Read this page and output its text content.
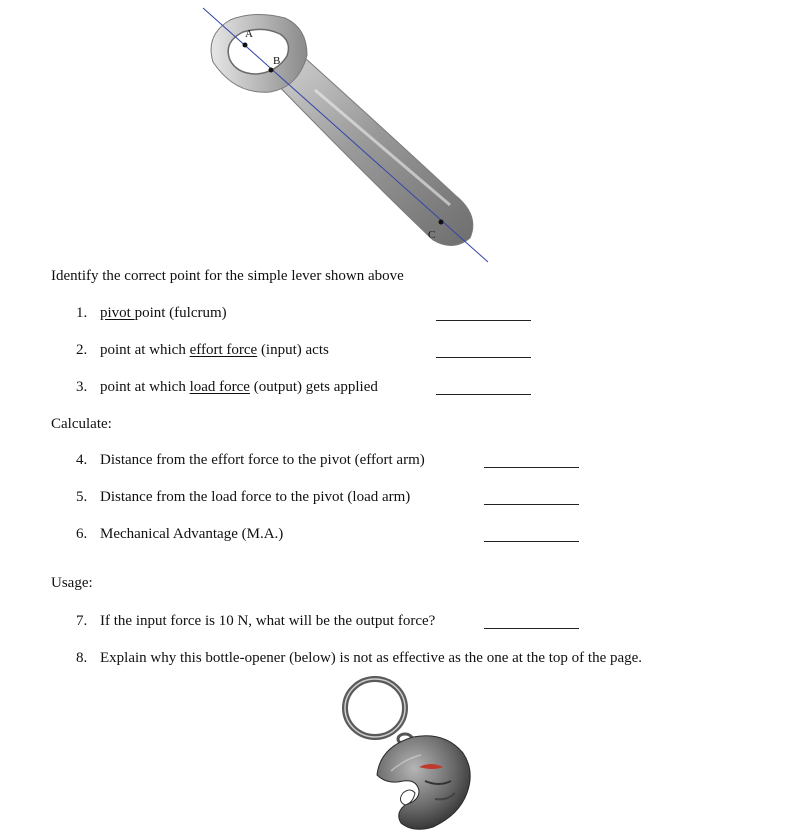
A
B
C
Identify the correct point for the simple lever shown above
1. pivot point (fulcrum)
2. point at which effort force (input) acts
3. point at which load force (output) gets applied
Calculate:
4. Distance from the effort force to the pivot (effort arm)
5. Distance from the load force to the pivot (load arm)
6. Mechanical Advantage (M.A.)
Usage:
7. If the input force is 10 N, what will be the output force?
8. Explain why this bottle-opener (below) is not as effective as the one at the top of the page.
